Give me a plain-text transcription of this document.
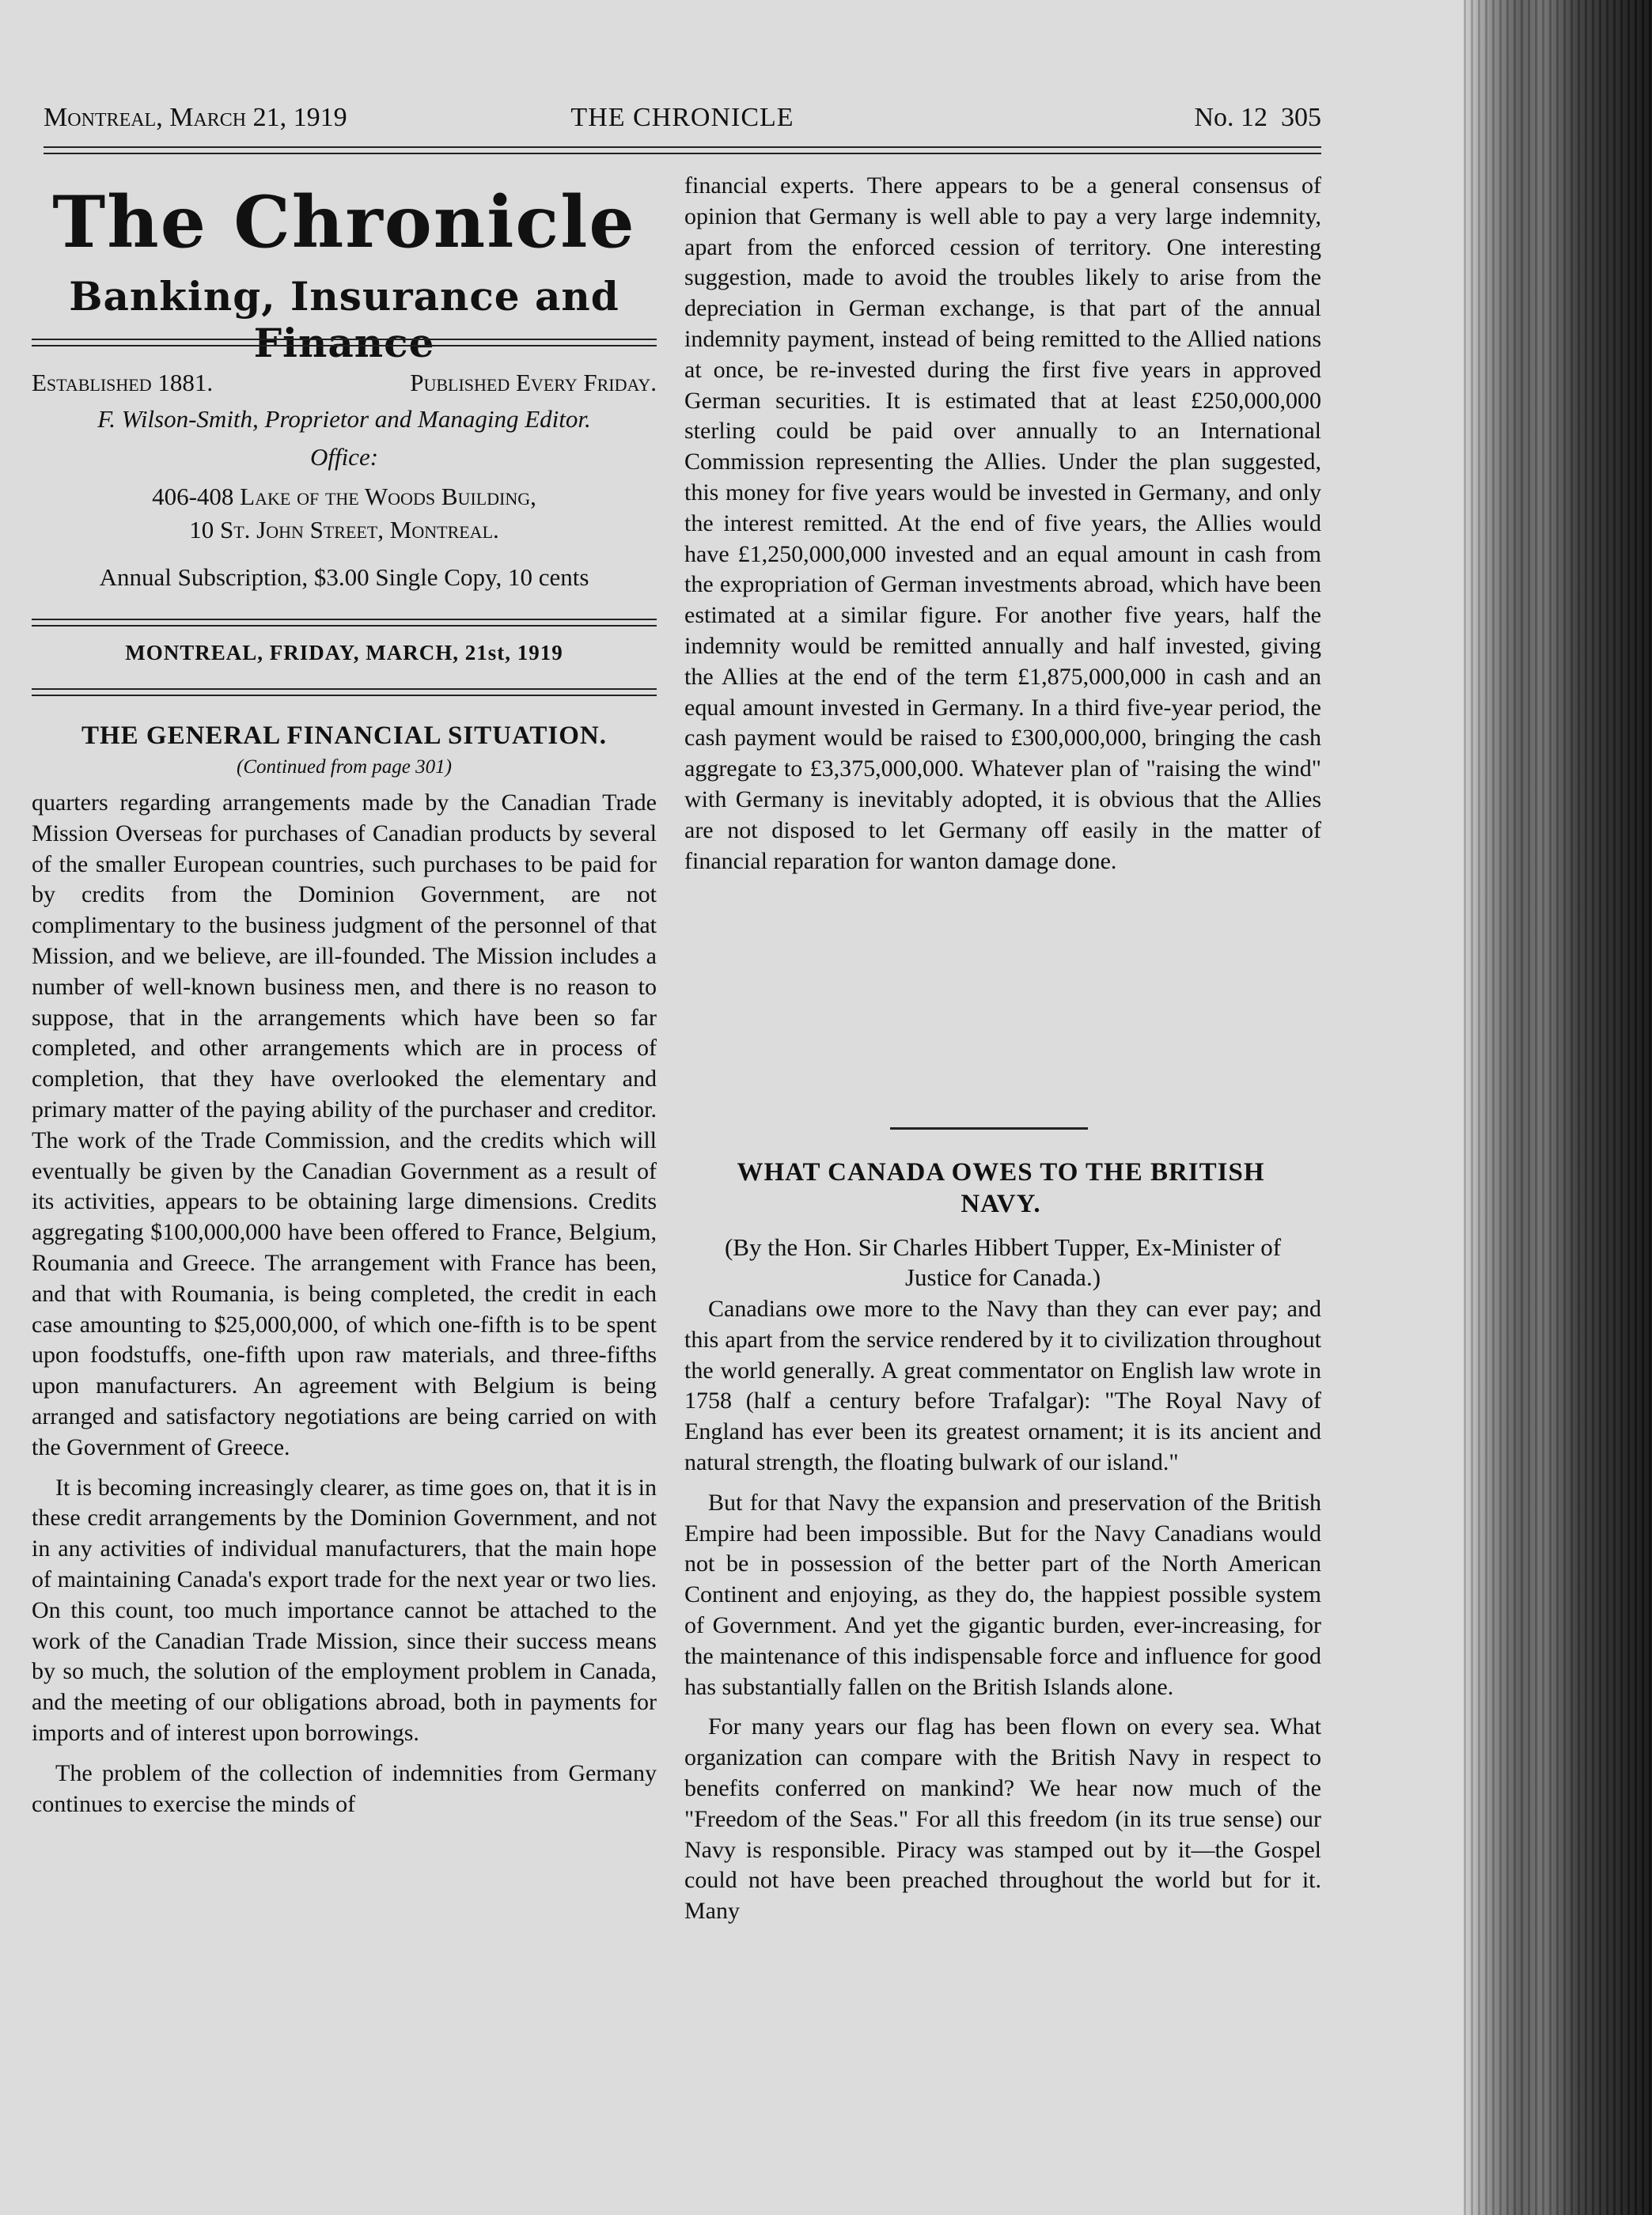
Montreal, March 21, 1919	THE CHRONICLE	No. 12 305
The Chronicle
Banking, Insurance and Finance
Established 1881.	Published Every Friday.
F. Wilson-Smith, Proprietor and Managing Editor.
Office:
406-408 Lake of the Woods Building,
10 St. John Street, Montreal.
Annual Subscription, $3.00 Single Copy, 10 cents
MONTREAL, FRIDAY, MARCH, 21st, 1919
THE GENERAL FINANCIAL SITUATION.
(Continued from page 301)

quarters regarding arrangements made by the Canadian Trade Mission Overseas for purchases of Canadian products by several of the smaller European countries, such purchases to be paid for by credits from the Dominion Government, are not complimentary to the business judgment of the personnel of that Mission, and we believe, are ill-founded. The Mission includes a number of well-known business men, and there is no reason to suppose, that in the arrangements which have been so far completed, and other arrangements which are in process of completion, that they have overlooked the elementary and primary matter of the paying ability of the purchaser and creditor. The work of the Trade Commission, and the credits which will eventually be given by the Canadian Government as a result of its activities, appears to be obtaining large dimensions. Credits aggregating $100,000,000 have been offered to France, Belgium, Roumania and Greece. The arrangement with France has been, and that with Roumania, is being completed, the credit in each case amounting to $25,000,000, of which one-fifth is to be spent upon foodstuffs, one-fifth upon raw materials, and three-fifths upon manufacturers. An agreement with Belgium is being arranged and satisfactory negotiations are being carried on with the Government of Greece.

It is becoming increasingly clearer, as time goes on, that it is in these credit arrangements by the Dominion Government, and not in any activities of individual manufacturers, that the main hope of maintaining Canada's export trade for the next year or two lies. On this count, too much importance cannot be attached to the work of the Canadian Trade Mission, since their success means by so much, the solution of the employment problem in Canada, and the meeting of our obligations abroad, both in payments for imports and of interest upon borrowings.

The problem of the collection of indemnities from Germany continues to exercise the minds of

financial experts. There appears to be a general consensus of opinion that Germany is well able to pay a very large indemnity, apart from the enforced cession of territory. One interesting suggestion, made to avoid the troubles likely to arise from the depreciation in German exchange, is that part of the annual indemnity payment, instead of being remitted to the Allied nations at once, be re-invested during the first five years in approved German securities. It is estimated that at least £250,000,000 sterling could be paid over annually to an International Commission representing the Allies. Under the plan suggested, this money for five years would be invested in Germany, and only the interest remitted. At the end of five years, the Allies would have £1,250,000,000 invested and an equal amount in cash from the expropriation of German investments abroad, which have been estimated at a similar figure. For another five years, half the indemnity would be remitted annually and half invested, giving the Allies at the end of the term £1,875,000,000 in cash and an equal amount invested in Germany. In a third five-year period, the cash payment would be raised to £300,000,000, bringing the cash aggregate to £3,375,000,000. Whatever plan of "raising the wind" with Germany is inevitably adopted, it is obvious that the Allies are not disposed to let Germany off easily in the matter of financial reparation for wanton damage done.

WHAT CANADA OWES TO THE BRITISH NAVY.
(By the Hon. Sir Charles Hibbert Tupper, Ex-Minister of Justice for Canada.)

Canadians owe more to the Navy than they can ever pay; and this apart from the service rendered by it to civilization throughout the world generally. A great commentator on English law wrote in 1758 (half a century before Trafalgar): "The Royal Navy of England has ever been its greatest ornament; it is its ancient and natural strength, the floating bulwark of our island."

But for that Navy the expansion and preservation of the British Empire had been impossible. But for the Navy Canadians would not be in possession of the better part of the North American Continent and enjoying, as they do, the happiest possible system of Government. And yet the gigantic burden, ever-increasing, for the maintenance of this indispensable force and influence for good has substantially fallen on the British Islands alone.

For many years our flag has been flown on every sea. What organization can compare with the British Navy in respect to benefits conferred on mankind? We hear now much of the "Freedom of the Seas." For all this freedom (in its true sense) our Navy is responsible. Piracy was stamped out by it—the Gospel could not have been preached throughout the world but for it. Many
